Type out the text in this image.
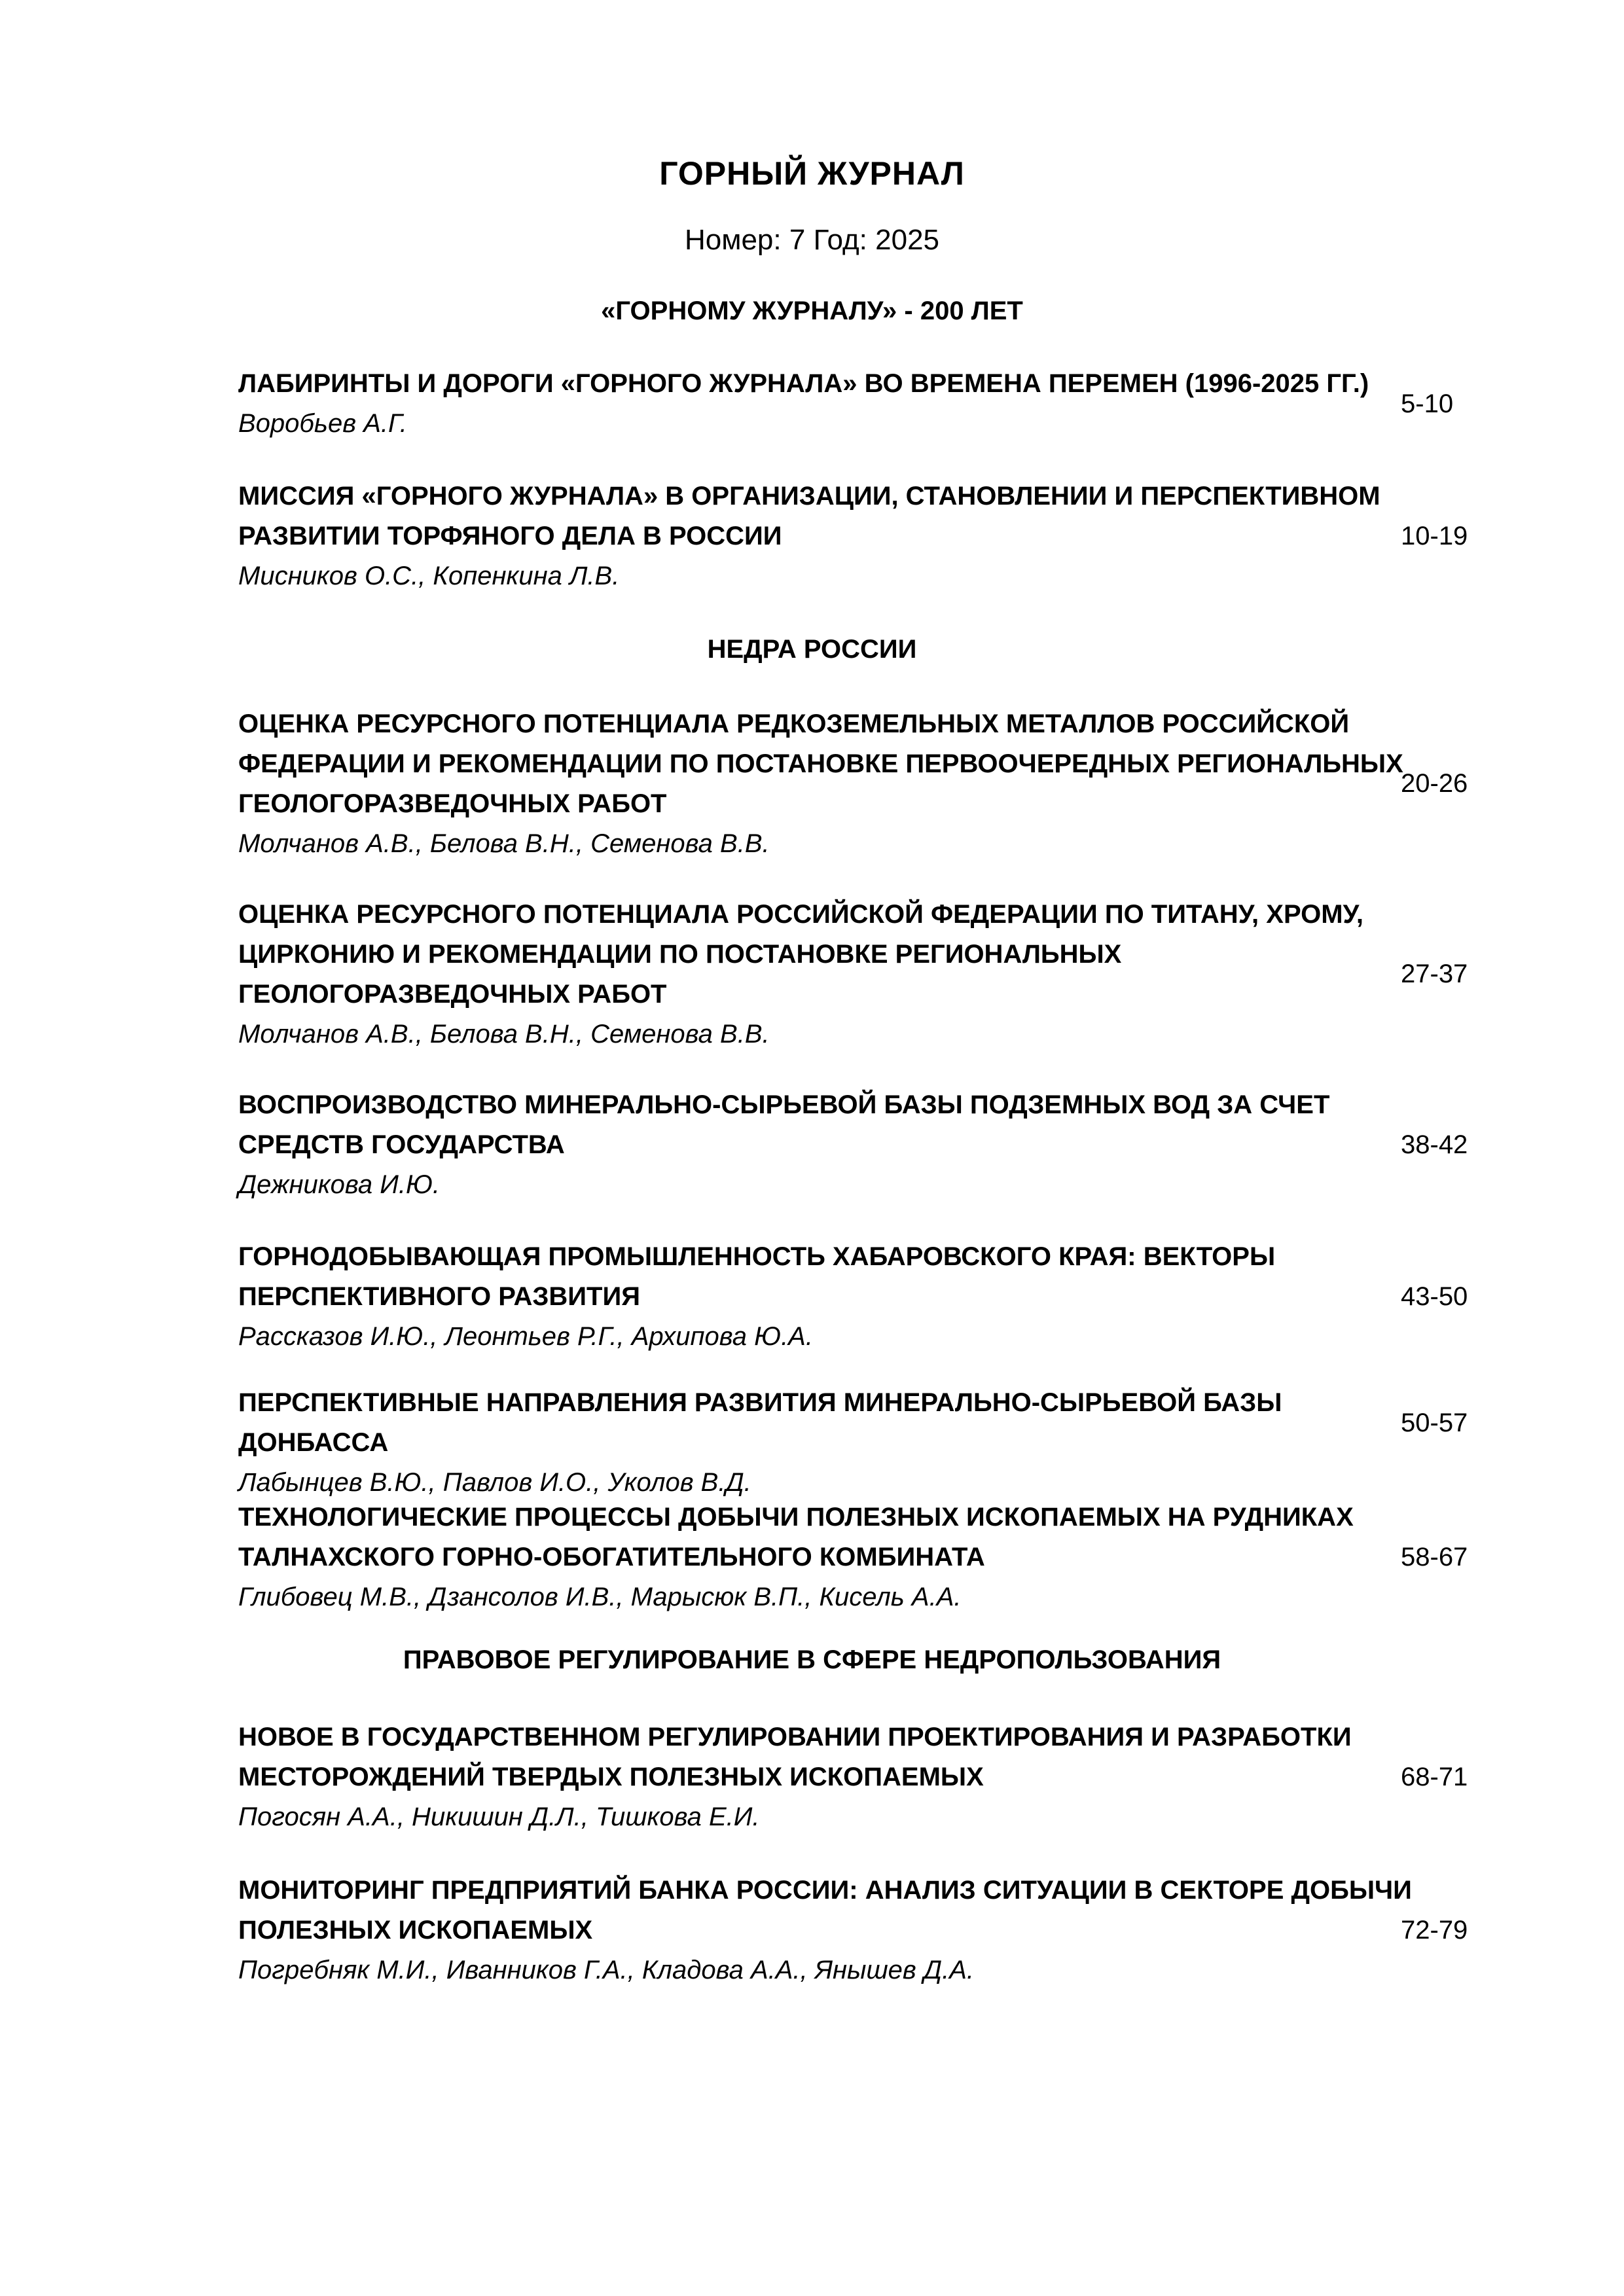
ГОРНЫЙ ЖУРНАЛ
Номер: 7 Год: 2025
«ГОРНОМУ ЖУРНАЛУ» - 200 ЛЕТ

ЛАБИРИНТЫ И ДОРОГИ «ГОРНОГО ЖУРНАЛА» ВО ВРЕМЕНА ПЕРЕМЕН (1996-2025 ГГ.)

Воробьев А.Г.

5-10

МИССИЯ «ГОРНОГО ЖУРНАЛА» В ОРГАНИЗАЦИИ, СТАНОВЛЕНИИ И ПЕРСПЕКТИВНОМ

РАЗВИТИИ ТОРФЯНОГО ДЕЛА В РОССИИ

Мисников О.С., Копенкина Л.В.

10-19
НЕДРА РОССИИ

ОЦЕНКА РЕСУРСНОГО ПОТЕНЦИАЛА РЕДКОЗЕМЕЛЬНЫХ МЕТАЛЛОВ РОССИЙСКОЙ

ФЕДЕРАЦИИ И РЕКОМЕНДАЦИИ ПО ПОСТАНОВКЕ ПЕРВООЧЕРЕДНЫХ РЕГИОНАЛЬНЫХ

ГЕОЛОГОРАЗВЕДОЧНЫХ РАБОТ

Молчанов А.В., Белова В.Н., Семенова В.В.

20-26

ОЦЕНКА РЕСУРСНОГО ПОТЕНЦИАЛА РОССИЙСКОЙ ФЕДЕРАЦИИ ПО ТИТАНУ, ХРОМУ,

ЦИРКОНИЮ И РЕКОМЕНДАЦИИ ПО ПОСТАНОВКЕ РЕГИОНАЛЬНЫХ

ГЕОЛОГОРАЗВЕДОЧНЫХ РАБОТ

Молчанов А.В., Белова В.Н., Семенова В.В.

27-37

ВОСПРОИЗВОДСТВО МИНЕРАЛЬНО-СЫРЬЕВОЙ БАЗЫ ПОДЗЕМНЫХ ВОД ЗА СЧЕТ

СРЕДСТВ ГОСУДАРСТВА

Дежникова И.Ю.

38-42

ГОРНОДОБЫВАЮЩАЯ ПРОМЫШЛЕННОСТЬ ХАБАРОВСКОГО КРАЯ: ВЕКТОРЫ

ПЕРСПЕКТИВНОГО РАЗВИТИЯ

Рассказов И.Ю., Леонтьев Р.Г., Архипова Ю.А.

43-50

ПЕРСПЕКТИВНЫЕ НАПРАВЛЕНИЯ РАЗВИТИЯ МИНЕРАЛЬНО-СЫРЬЕВОЙ БАЗЫ ДОНБАССА

Лабынцев В.Ю., Павлов И.О., Уколов В.Д.

50-57

ТЕХНОЛОГИЧЕСКИЕ ПРОЦЕССЫ ДОБЫЧИ ПОЛЕЗНЫХ ИСКОПАЕМЫХ НА РУДНИКАХ

ТАЛНАХСКОГО ГОРНО-ОБОГАТИТЕЛЬНОГО КОМБИНАТА

Глибовец М.В., Дзансолов И.В., Марысюк В.П., Кисель А.А.

58-67
ПРАВОВОЕ РЕГУЛИРОВАНИЕ В СФЕРЕ НЕДРОПОЛЬЗОВАНИЯ

НОВОЕ В ГОСУДАРСТВЕННОМ РЕГУЛИРОВАНИИ ПРОЕКТИРОВАНИЯ И РАЗРАБОТКИ

МЕСТОРОЖДЕНИЙ ТВЕРДЫХ ПОЛЕЗНЫХ ИСКОПАЕМЫХ

Погосян А.А., Никишин Д.Л., Тишкова Е.И.

68-71

МОНИТОРИНГ ПРЕДПРИЯТИЙ БАНКА РОССИИ: АНАЛИЗ СИТУАЦИИ В СЕКТОРЕ ДОБЫЧИ

ПОЛЕЗНЫХ ИСКОПАЕМЫХ

Погребняк М.И., Иванников Г.А., Кладова А.А., Янышев Д.А.

72-79
